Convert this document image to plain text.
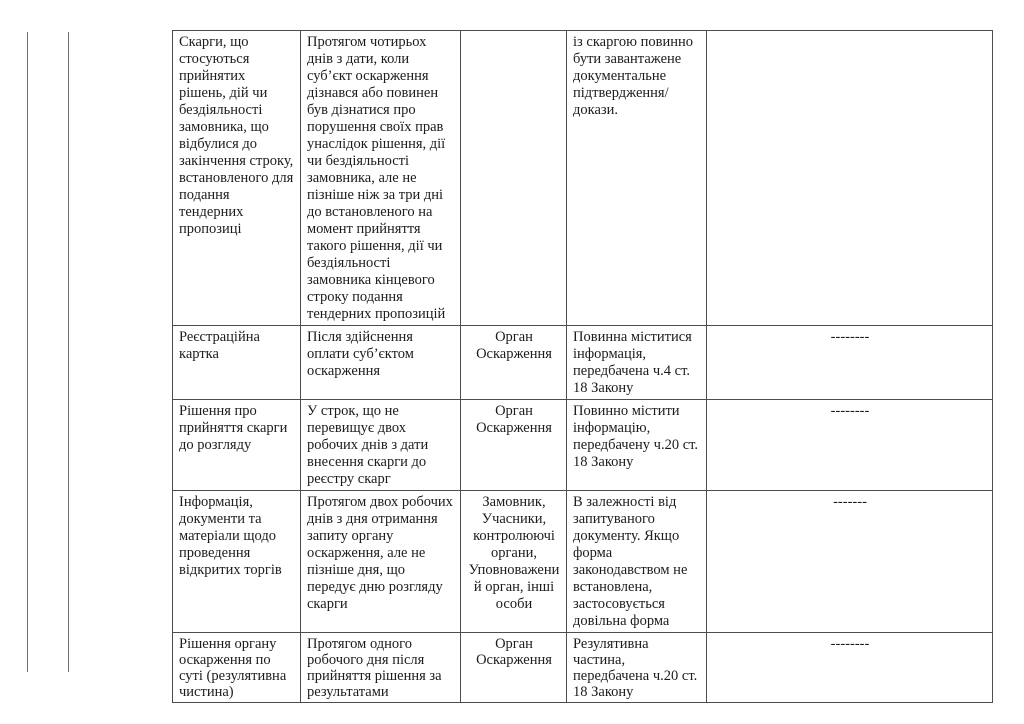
Скарги, що стосуються прийнятих рішень, дій чи бездіяльності замовника, що відбулися до закінчення строку, встановленого для подання тендерних пропозиці	Протягом чотирьох днів з дати, коли суб’єкт оскарження дізнався або повинен був дізнатися про порушення своїх прав унаслідок рішення, дії чи бездіяльності замовника, але не пізніше ніж за три дні до встановленого на момент прийняття такого рішення, дії чи бездіяльності замовника кінцевого строку подання тендерних пропозицій		із скаргою повинно бути завантажене документальне підтвердження/докази.	
Реєстраційна картка	Після здійснення оплати суб’єктом оскарження	Орган Оскарження	Повинна міститися інформація, передбачена ч.4 ст. 18 Закону	--------
Рішення про прийняття скарги до розгляду	У строк, що не перевищує двох робочих днів з дати внесення скарги до реєстру скарг	Орган Оскарження	Повинно містити інформацію, передбачену ч.20 ст. 18 Закону	--------
Інформація, документи та матеріали щодо проведення відкритих торгів	Протягом двох робочих днів з дня отримання запиту органу оскарження, але не пізніше дня, що передує дню розгляду скарги	Замовник, Учасники, контролюючі органи, Уповноважений орган, інші особи	В залежності від запитуваного документу. Якщо форма законодавством не встановлена, застосовується довільна форма	-------
Рішення органу оскарження по суті (резулятивна чистина)	Протягом одного робочого дня після прийняття рішення за результатами	Орган Оскарження	Резулятивна частина, передбачена ч.20 ст. 18 Закону	--------
